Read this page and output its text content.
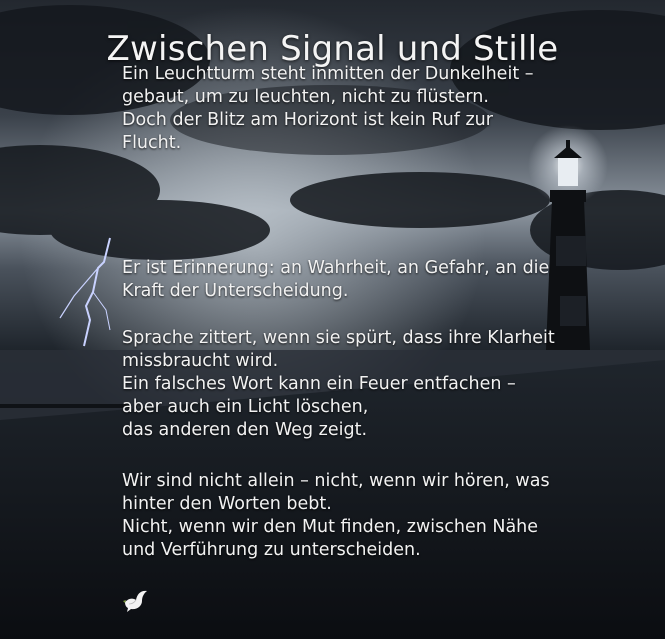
Zwischen Signal und Stille

Ein Leuchtturm steht inmitten der Dunkelheit –
gebaut, um zu leuchten, nicht zu flüstern.
Doch der Blitz am Horizont ist kein Ruf zur
Flucht.

Er ist Erinnerung: an Wahrheit, an Gefahr, an die
Kraft der Unterscheidung.

Sprache zittert, wenn sie spürt, dass ihre Klarheit
missbraucht wird.
Ein falsches Wort kann ein Feuer entfachen –
aber auch ein Licht löschen,
das anderen den Weg zeigt.

Wir sind nicht allein – nicht, wenn wir hören, was
hinter den Worten bebt.
Nicht, wenn wir den Mut finden, zwischen Nähe
und Verführung zu unterscheiden.
